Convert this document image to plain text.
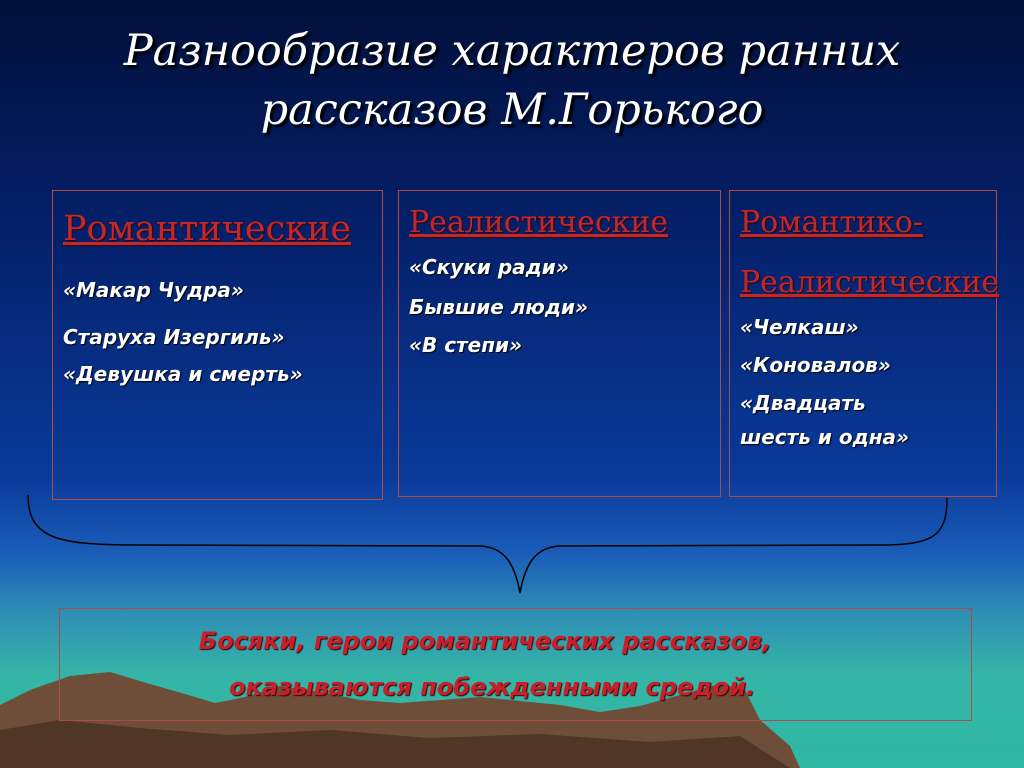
Разнообразие характеров ранних
рассказов М.Горького
Романтические
«Макар Чудра»
Старуха Изергиль»
«Девушка и смерть»
Реалистические
«Скуки ради»
Бывшие люди»
«В степи»
Романтико-
Реалистические
«Челкаш»
«Коновалов»
«Двадцать
шесть и одна»
Босяки, герои романтических рассказов,
оказываются побежденными средой.
